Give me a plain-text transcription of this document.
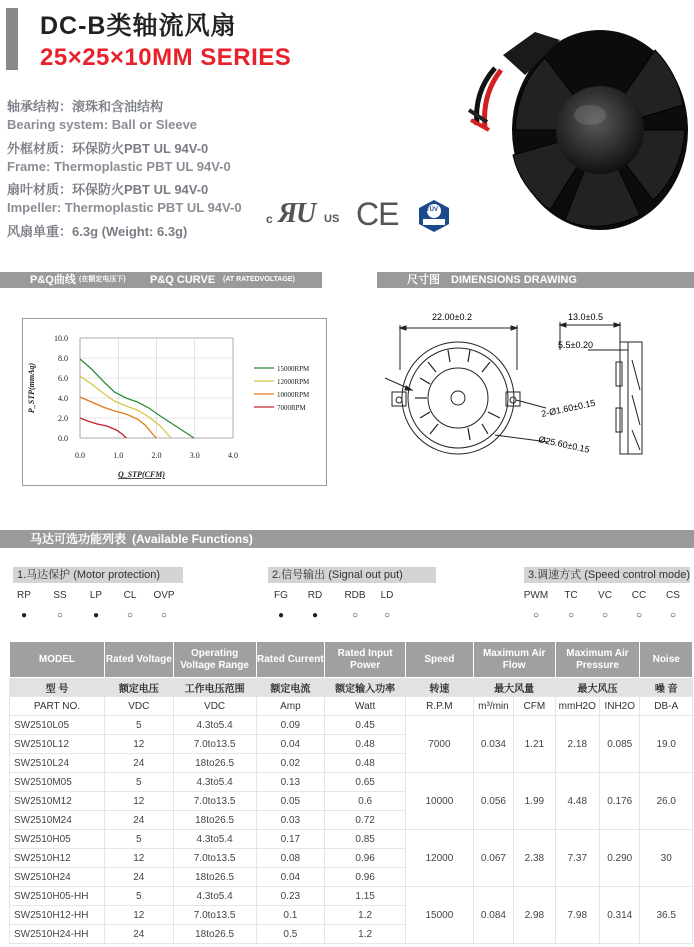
DC-B类轴流风扇
25×25×10MM SERIES
轴承结构：滚珠和含油结构
Bearing system: Ball or Sleeve
外框材质：环保防火PBT UL 94V-0
Frame: Thermoplastic PBT UL 94V-0
扇叶材质：环保防火PBT UL 94V-0
Impeller: Thermoplastic PBT UL 94V-0
风扇单重：6.3g (Weight: 6.3g)
c Я
U US CE	TÜV
P&Q曲线 (在额定电压下) P&Q CURVE (AT RATEDVOLTAGE)	尺寸图 DIMENSIONS DRAWING
0.0
2.0
4.0
6.0
8.0
10.0
0.0	1.0	2.0	3.0	4.0
Q_STP(CFM)
P_STP(mmAq)	15000RPM
12000RPM
10000RPM
7000RPM
22.00±0.2	13.0±0.5
5.5±0.20
2-Ø1.60±0.15
Ø25.60±0.15
马达可选功能列表 (Available Functions)
1.马达保护 (Motor protection)
RP	SS	LP	CL	OVP
●	○	●	○	○
2.信号输出 (Signal out put)
FG	RD	RDB	LD
●	●	○	○
3.调速方式 (Speed control mode)
PWM	TC	VC	CC	CS
○	○	○	○	○
MODEL	Rated Voltage	Operating Voltage Range	Rated Current	Rated Input Power	Speed	Maximum Air Flow		Maximum Air Pressure		Noise
型 号	额定电压	工作电压范围	额定电流	额定输入功率	转速	最大风量		最大风压		噪 音
PART NO.	VDC	VDC	Amp	Watt	R.P.M	m³/min	CFM	mmH2O	INH2O	DB-A
SW2510L05	5	4.3to5.4	0.09	0.45	7000	0.034	1.21	2.18	0.085	19.0
SW2510L12	12	7.0to13.5	0.04	0.48						
SW2510L24	24	18to26.5	0.02	0.48						
SW2510M05	5	4.3to5.4	0.13	0.65	10000	0.056	1.99	4.48	0.176	26.0
SW2510M12	12	7.0to13.5	0.05	0.6						
SW2510M24	24	18to26.5	0.03	0.72						
SW2510H05	5	4.3to5.4	0.17	0.85	12000	0.067	2.38	7.37	0.290	30
SW2510H12	12	7.0to13.5	0.08	0.96						
SW2510H24	24	18to26.5	0.04	0.96						
SW2510H05-HH	5	4.3to5.4	0.23	1.15	15000	0.084	2.98	7.98	0.314	36.5
SW2510H12-HH	12	7.0to13.5	0.1	1.2						
SW2510H24-HH	24	18to26.5	0.5	1.2						
